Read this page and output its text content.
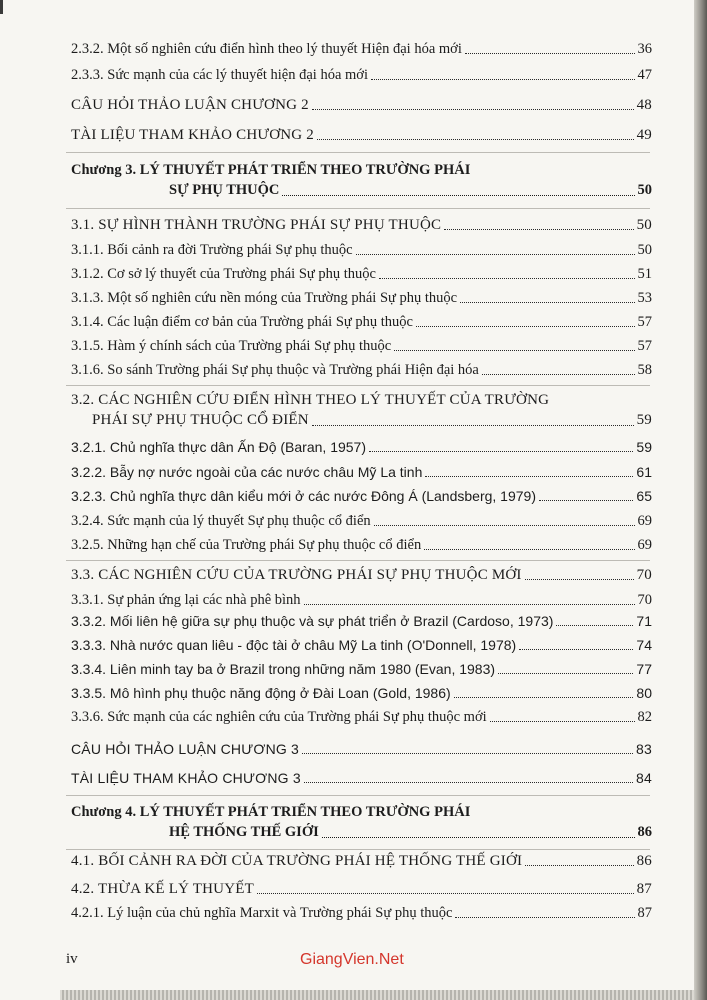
2.3.2. Một số nghiên cứu điển hình theo lý thuyết Hiện đại hóa mới	36
2.3.3. Sức mạnh của các lý thuyết hiện đại hóa mới	47
CÂU HỎI THẢO LUẬN CHƯƠNG 2	48
TÀI LIỆU THAM KHẢO CHƯƠNG 2	49
Chương 3. LÝ THUYẾT PHÁT TRIỂN THEO TRƯỜNG PHÁI
SỰ PHỤ THUỘC	50
3.1. SỰ HÌNH THÀNH TRƯỜNG PHÁI SỰ PHỤ THUỘC	50
3.1.1. Bối cảnh ra đời Trường phái Sự phụ thuộc	50
3.1.2. Cơ sở lý thuyết của Trường phái Sự phụ thuộc	51
3.1.3. Một số nghiên cứu nền móng của Trường phái Sự phụ thuộc	53
3.1.4. Các luận điểm cơ bản của Trường phái Sự phụ thuộc	57
3.1.5. Hàm ý chính sách của Trường phái Sự phụ thuộc	57
3.1.6. So sánh Trường phái Sự phụ thuộc và Trường phái Hiện đại hóa	58
3.2. CÁC NGHIÊN CỨU ĐIỂN HÌNH THEO LÝ THUYẾT CỦA TRƯỜNG
PHÁI SỰ PHỤ THUỘC CỔ ĐIỂN	59
3.2.1. Chủ nghĩa thực dân Ấn Độ (Baran, 1957)	59
3.2.2. Bẫy nợ nước ngoài của các nước châu Mỹ La tinh	61
3.2.3. Chủ nghĩa thực dân kiểu mới ở các nước Đông Á (Landsberg, 1979)	65
3.2.4. Sức mạnh của lý thuyết Sự phụ thuộc cổ điển	69
3.2.5. Những hạn chế của Trường phái Sự phụ thuộc cổ điển	69
3.3. CÁC NGHIÊN CỨU CỦA TRƯỜNG PHÁI SỰ PHỤ THUỘC MỚI	70
3.3.1. Sự phản ứng lại các nhà phê bình	70
3.3.2. Mối liên hệ giữa sự phụ thuộc và sự phát triển ở Brazil (Cardoso, 1973)	71
3.3.3. Nhà nước quan liêu - độc tài ở châu Mỹ La tinh (O'Donnell, 1978)	74
3.3.4. Liên minh tay ba ở Brazil trong những năm 1980 (Evan, 1983)	77
3.3.5. Mô hình phụ thuộc năng động ở Đài Loan (Gold, 1986)	80
3.3.6. Sức mạnh của các nghiên cứu của Trường phái Sự phụ thuộc mới	82
CÂU HỎI THẢO LUẬN CHƯƠNG 3	83
TÀI LIỆU THAM KHẢO CHƯƠNG 3	84
Chương 4. LÝ THUYẾT PHÁT TRIỂN THEO TRƯỜNG PHÁI
HỆ THỐNG THẾ GIỚI	86
4.1. BỐI CẢNH RA ĐỜI CỦA TRƯỜNG PHÁI HỆ THỐNG THẾ GIỚI	86
4.2. THỪA KẾ LÝ THUYẾT	87
4.2.1. Lý luận của chủ nghĩa Marxit và Trường phái Sự phụ thuộc	87
iv	GiangVien.Net
